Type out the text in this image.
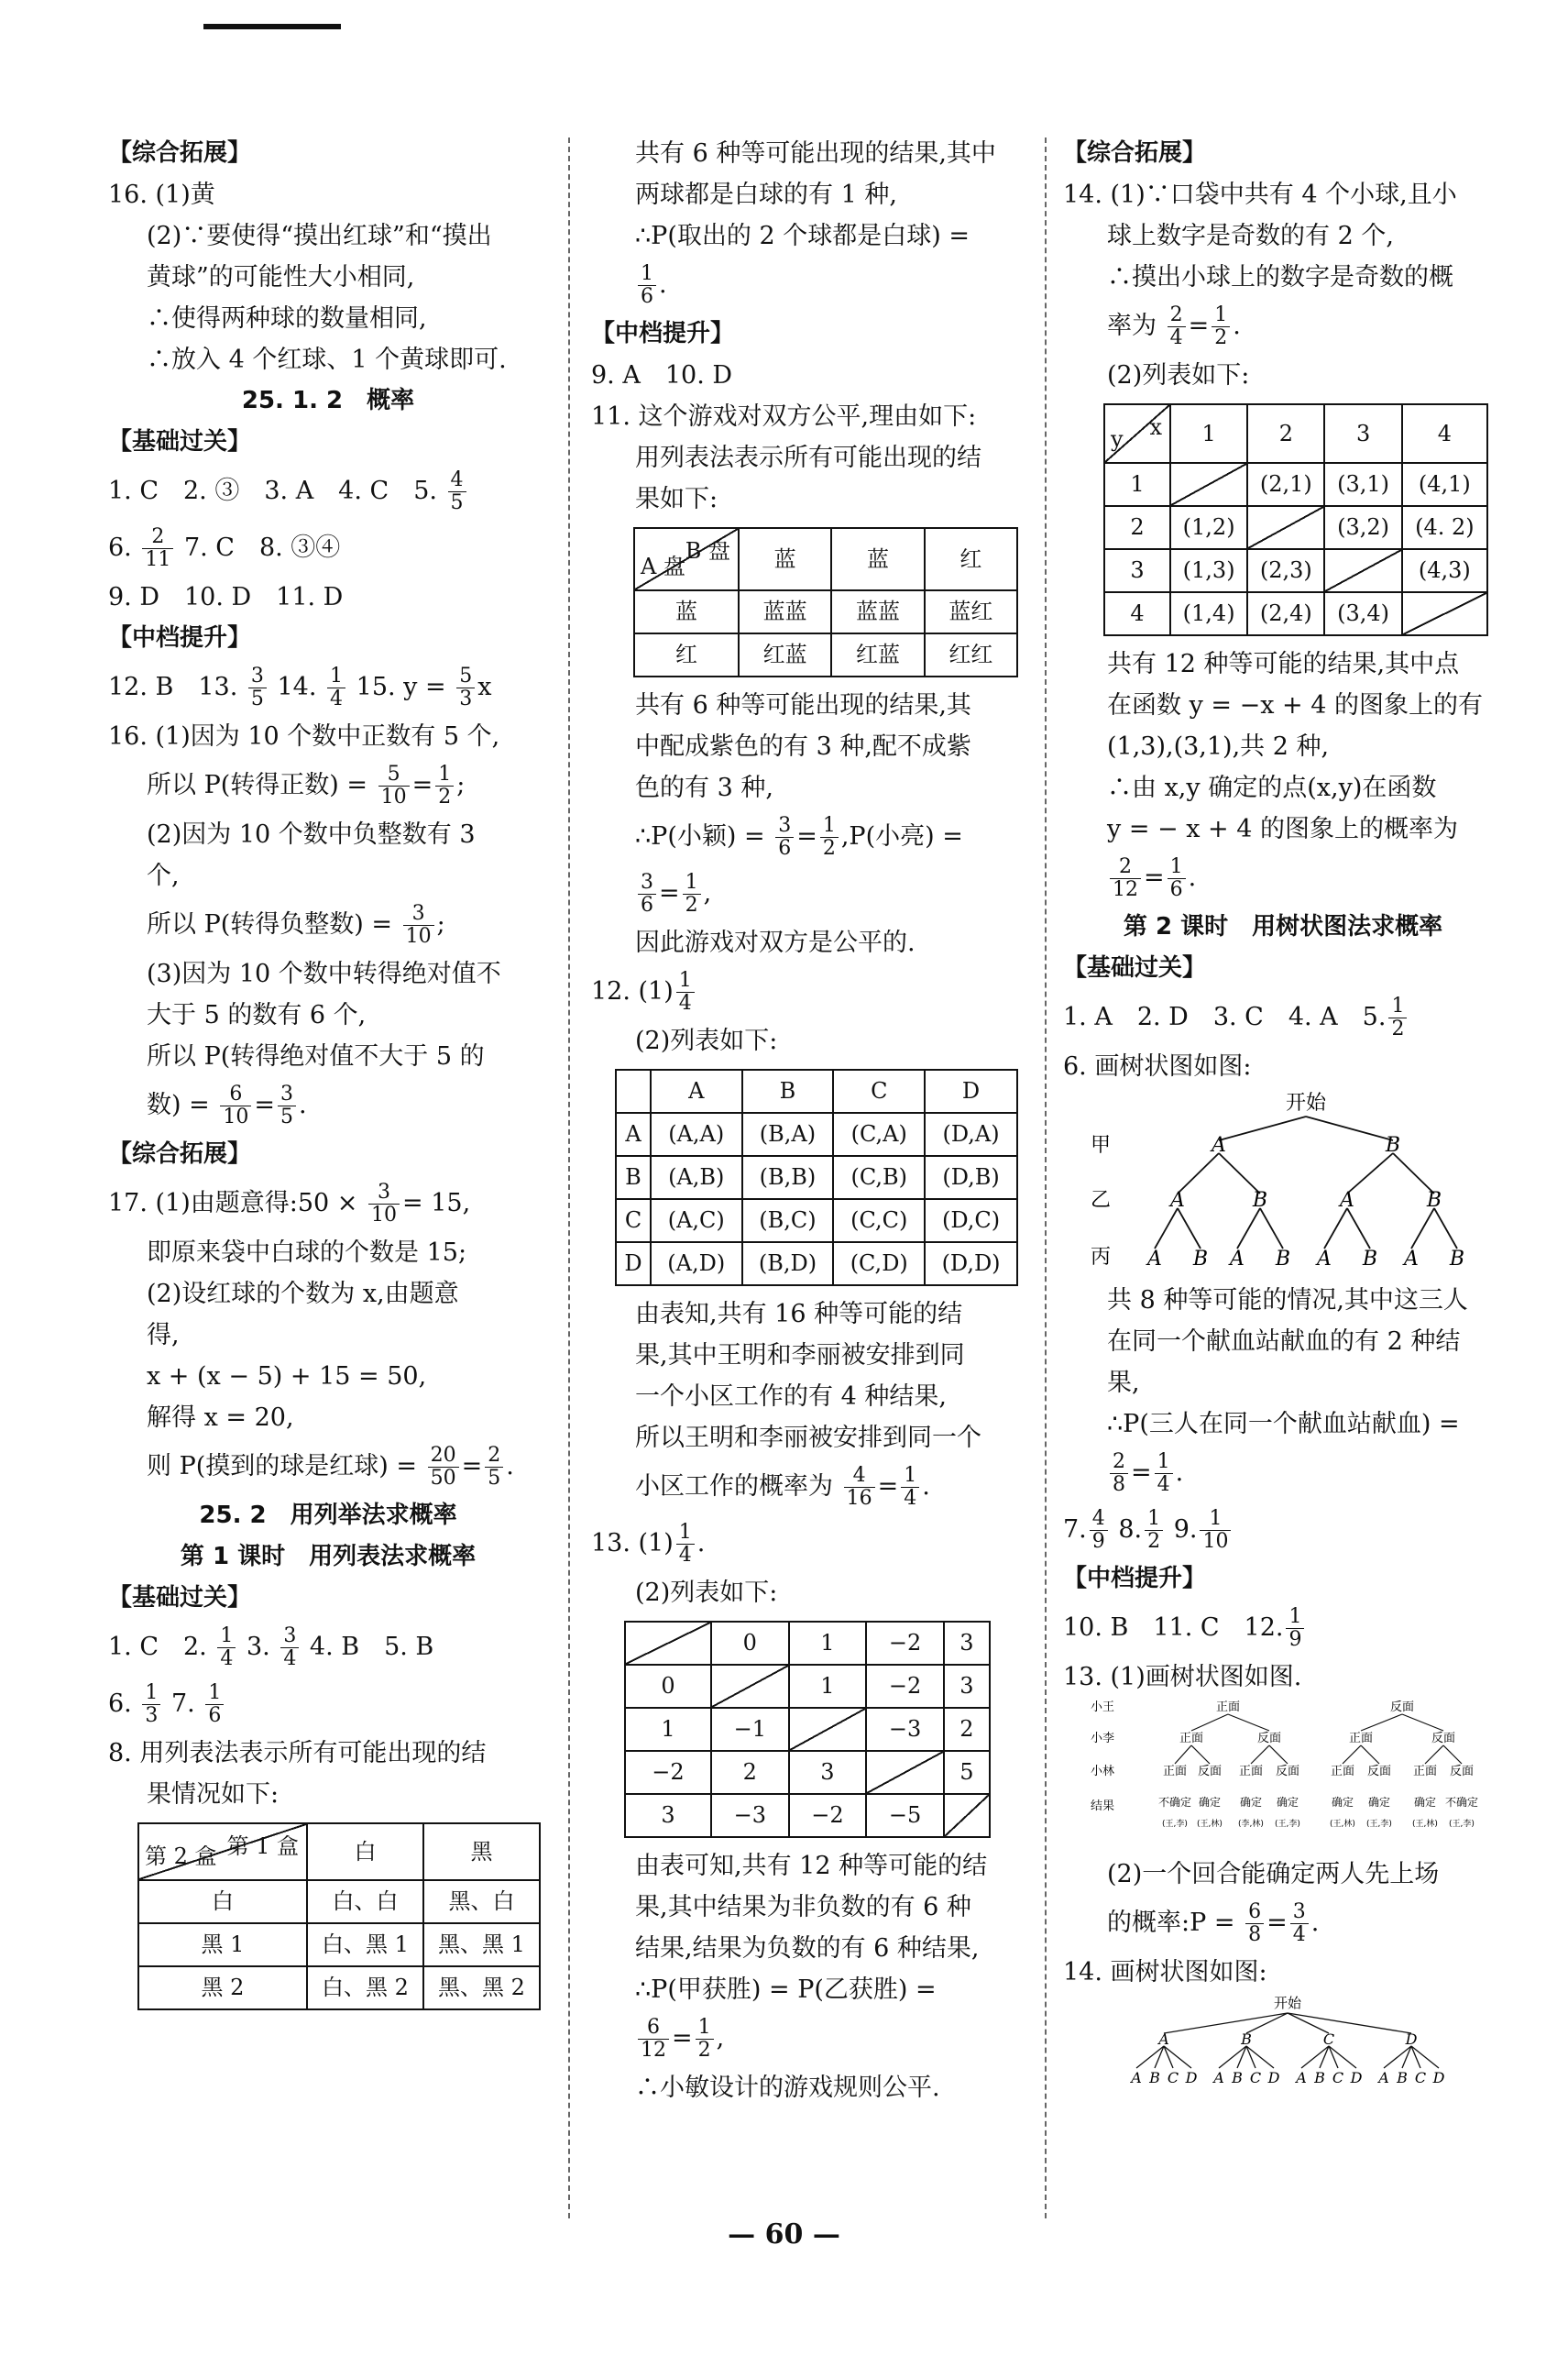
【综合拓展】
16. (1)黄
(2)∵要使得“摸出红球”和“摸出
黄球”的可能性大小相同,
∴使得两种球的数量相同,
∴放入 4 个红球、1 个黄球即可.
25. 1. 2　概率
【基础过关】
1. C　2. ③　3. A　4. C　5. $\frac{4}{5}$
6. $\frac{2}{11} 7$. C　8. ③④
9. D　10. D　11. D
【中档提升】
12. B　13. $\frac{3}{5} 14$. $\frac{1}{4} 15$. $y = \frac{5}{3}$ x
16. (1)因为 10 个数中正数有 5 个,
所以 P(转得正数) = $\frac{5}{10} = \frac{1}{2}$ ;
(2)因为 10 个数中负整数有 3
个,
所以 P(转得负整数) = $\frac{3}{10}$ ;
(3)因为 10 个数中转得绝对值不
大于 5 的数有 6 个,
所以 P(转得绝对值不大于 5 的
数) = $\frac{6}{10} = \frac{3}{5}$ .
【综合拓展】
17. (1)由题意得:50 × $\frac{3}{10} = 15$,
即原来袋中白球的个数是 15;
(2)设红球的个数为 x,由题意
得,
x + (x − 5) + 15 = 50,
解得 x = 20,
则 P(摸到的球是红球) = $\frac{20}{50} = \frac{2}{5}$ .
25. 2　用列举法求概率
第 1 课时　用列表法求概率
【基础过关】
1. C　2. $\frac{1}{4} 3$. $\frac{3}{4} 4$. B　5. B
6. $\frac{1}{3} 7$. $\frac{1}{6}$
8. 用列表法表示所有可能出现的结
果情况如下:
第 1 盒
第 2 盒	白	黑
白	白、白	黑、白
黑 1	白、黑 1	黑、黑 1
黑 2	白、黑 2	黑、黑 2
共有 6 种等可能出现的结果,其中
两球都是白球的有 1 种,
∴P(取出的 2 个球都是白球) =
$\frac{1}{6}$ .
【中档提升】
9. A　10. D
11. 这个游戏对双方公平,理由如下:
用列表法表示所有可能出现的结
果如下:
B 盘
A 盘	蓝	蓝	红
蓝	蓝蓝	蓝蓝	蓝红
红	红蓝	红蓝	红红
共有 6 种等可能出现的结果,其
中配成紫色的有 3 种,配不成紫
色的有 3 种,
∴P(小颖) = $\frac{3}{6} = \frac{1}{2} ,P$(小亮) =
$\frac{3}{6} = \frac{1}{2}$ ,
因此游戏对双方是公平的.
12. $(1) \frac{1}{4}$
(2)列表如下:
	A	B	C	D
A	(A,A)	(B,A)	(C,A)	(D,A)
B	(A,B)	(B,B)	(C,B)	(D,B)
C	(A,C)	(B,C)	(C,C)	(D,C)
D	(A,D)	(B,D)	(C,D)	(D,D)
由表知,共有 16 种等可能的结
果,其中王明和李丽被安排到同
一个小区工作的有 4 种结果,
所以王明和李丽被安排到同一个
小区工作的概率为 $\frac{4}{16} = \frac{1}{4}$ .
13. $(1) \frac{1}{4}$ .
(2)列表如下:
	0	1	−2	3
0		1	−2	3
1	−1		−3	2
−2	2	3		5
3	−3	−2	−5	
由表可知,共有 12 种等可能的结
果,其中结果为非负数的有 6 种
结果,结果为负数的有 6 种结果,
∴P(甲获胜) = P(乙获胜) =
$\frac{6}{12} = \frac{1}{2}$ ,
∴小敏设计的游戏规则公平.
【综合拓展】
14. (1)∵口袋中共有 4 个小球,且小
球上数字是奇数的有 2 个,
∴摸出小球上的数字是奇数的概
率为 $\frac{2}{4} = \frac{1}{2}$ .
(2)列表如下:
x
y	1	2	3	4
1		(2,1)	(3,1)	(4,1)
2	(1,2)		(3,2)	(4. 2)
3	(1,3)	(2,3)		(4,3)
4	(1,4)	(2,4)	(3,4)	
共有 12 种等可能的结果,其中点
在函数 y = −x + 4 的图象上的有
(1,3),(3,1),共 2 种,
∴由 x,y 确定的点(x,y)在函数
y = − x + 4 的图象上的概率为
$\frac{2}{12} = \frac{1}{6}$ .
第 2 课时　用树状图法求概率
【基础过关】
1. A　2. D　3. C　4. A　5. $\frac{1}{2}$
6. 画树状图如图:
开始
甲
乙
丙
A	B
A	B	A	B
A B A B A B A B
共 8 种等可能的情况,其中这三人
在同一个献血站献血的有 2 种结
果,
∴P(三人在同一个献血站献血) =
$\frac{2}{8} = \frac{1}{4}$ .
7. $\frac{4}{9} 8$. $\frac{1}{2} 9$. $\frac{1}{10}$
【中档提升】
10. B　11. C　12. $\frac{1}{9}$
13. (1)画树状图如图.
小王
小李
小林
结果
正面	反面
正面	反面	正面	反面
正面 反面 正面 反面	正面 反面 正面 反面
不确定 确定 确定 确定	确定 确定 确定 不确定
(王,李) (王,林) (李,林) (王,李)	(王,林) (王,李) (王,林) (王,李)
(2)一个回合能确定两人先上场
的概率:P = $\frac{6}{8} = \frac{3}{4}$ .
14. 画树状图如图:
开始
A	B	C	D
A B C D A B C D A B C D A B C D
— 60 —
